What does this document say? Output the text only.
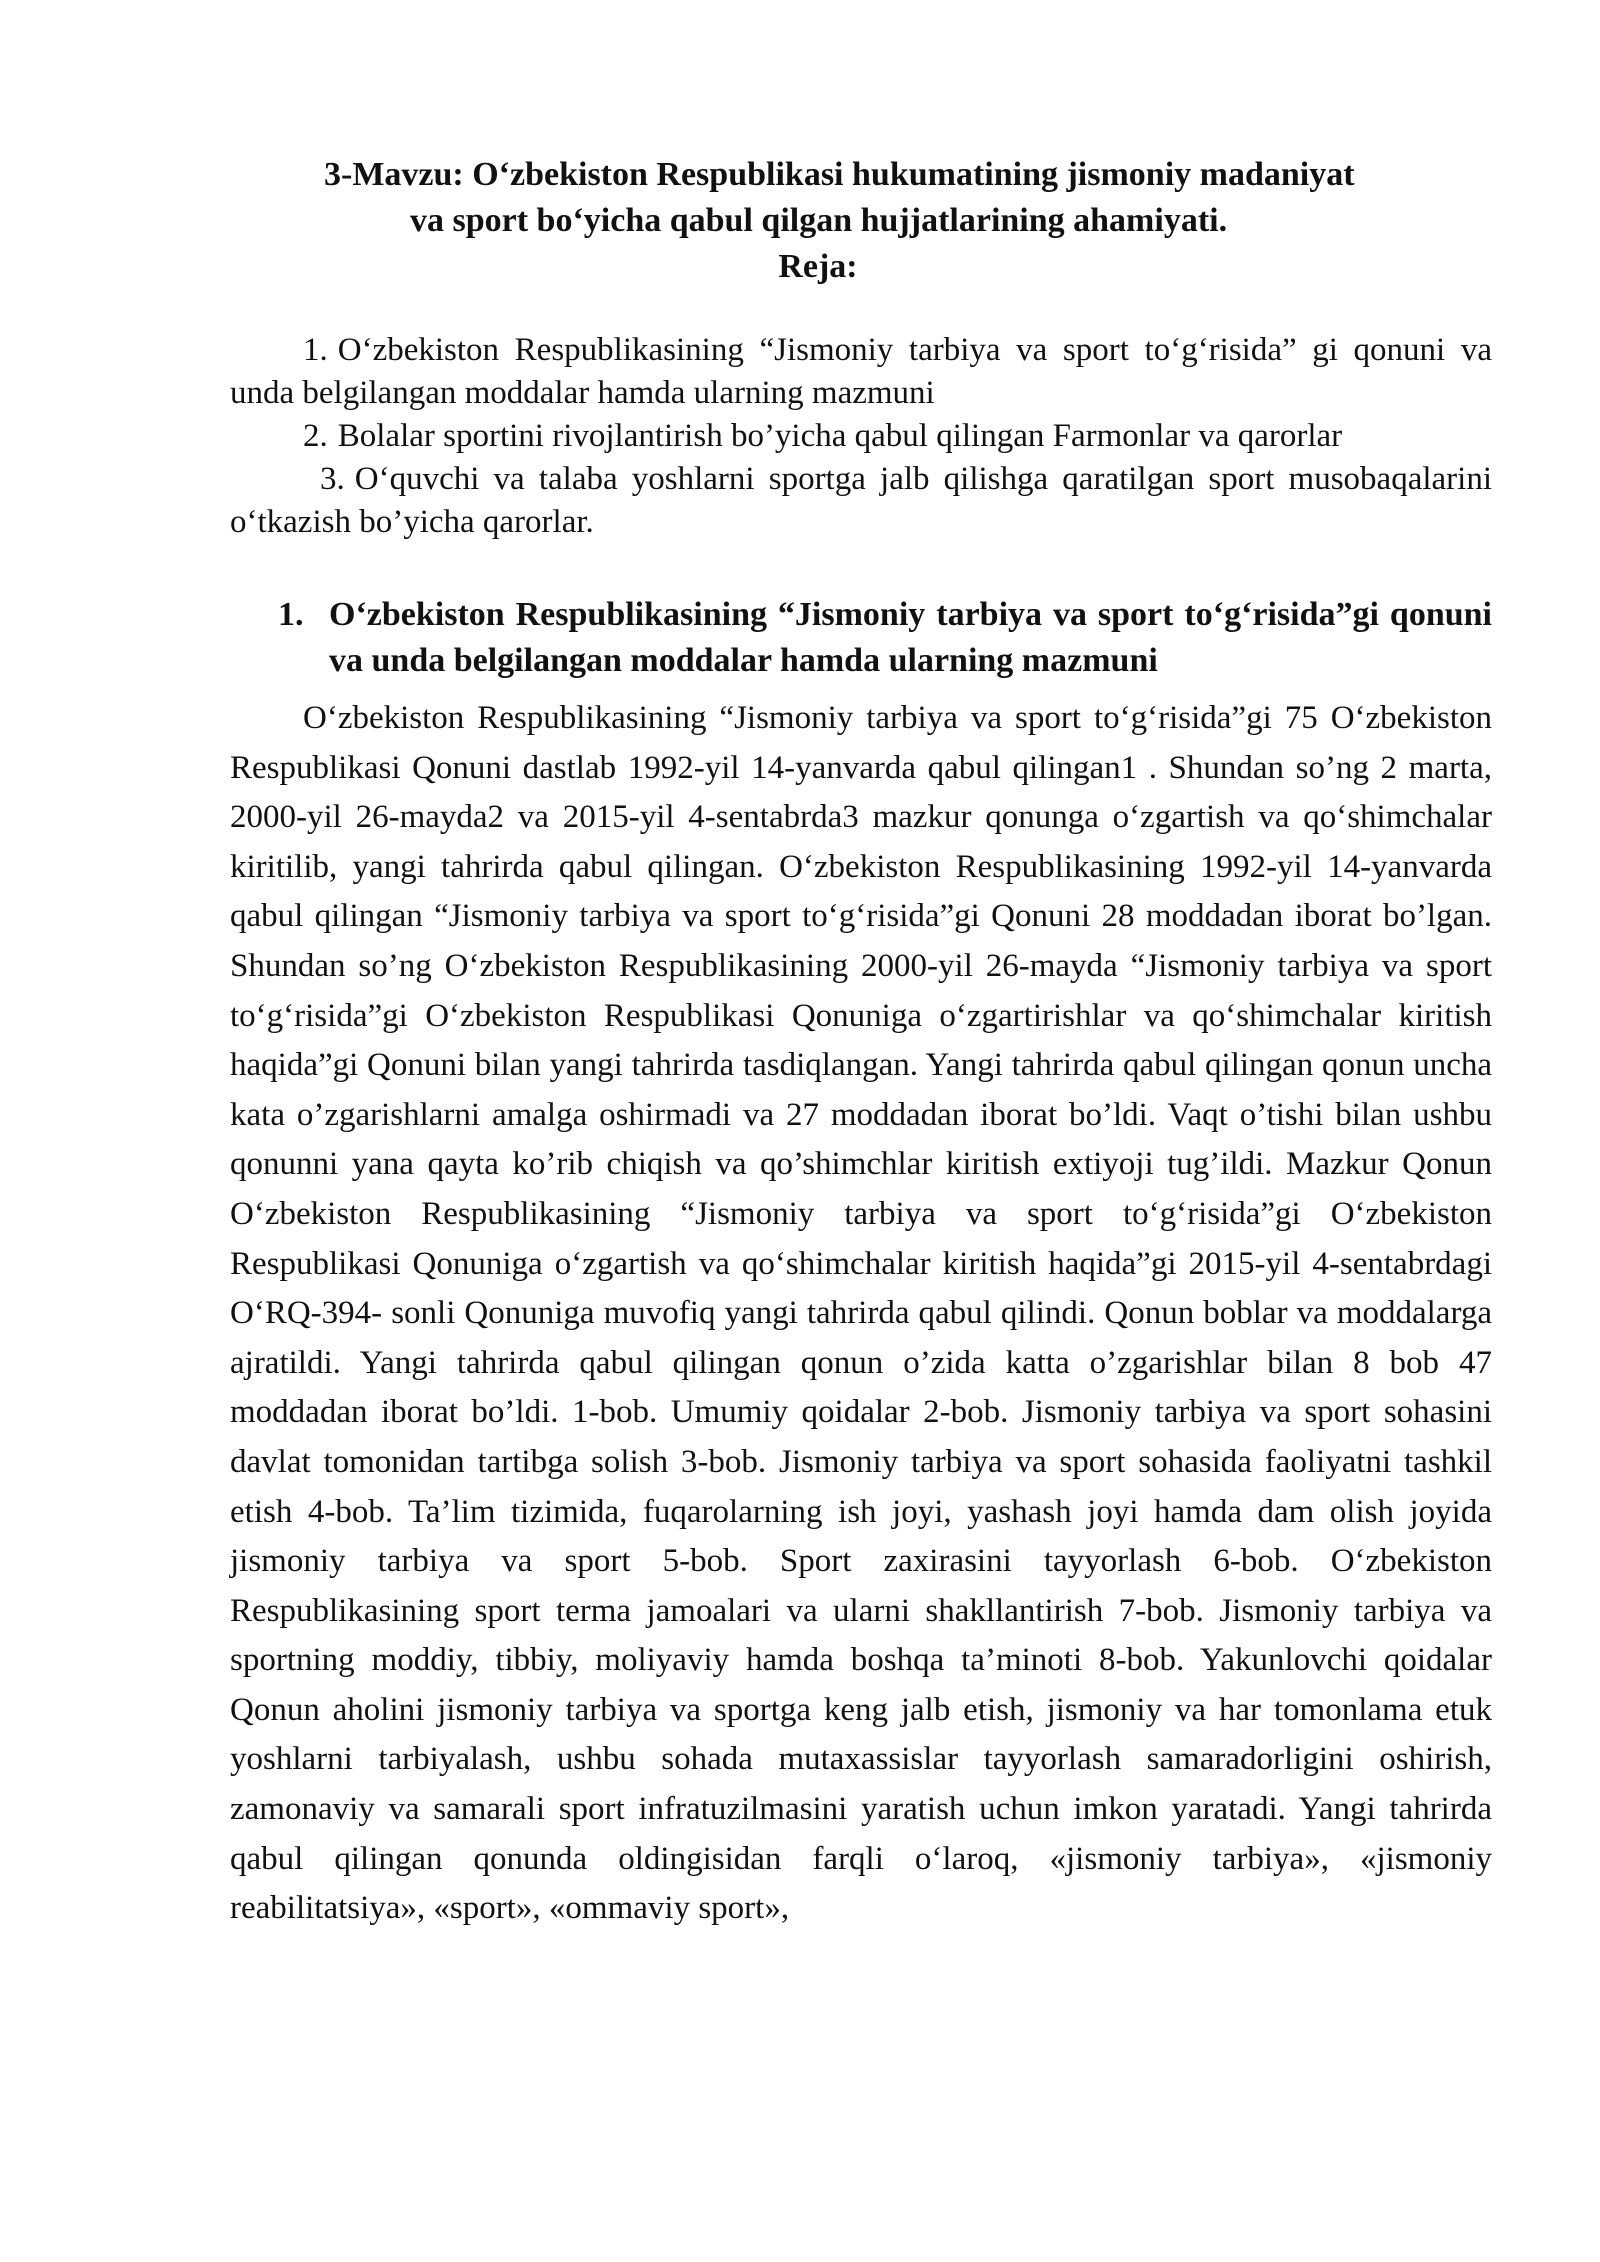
3-Mavzu: O‘zbekiston Respublikasi hukumatining jismoniy madaniyat
va sport bo‘yicha qabul qilgan hujjatlarining ahamiyati.
Reja:
1. O‘zbekiston Respublikasining “Jismoniy tarbiya va sport to‘g‘risida” gi qonuni va unda belgilangan moddalar hamda ularning mazmuni
2. Bolalar sportini rivojlantirish bo’yicha qabul qilingan Farmonlar va qarorlar
3. O‘quvchi va talaba yoshlarni sportga jalb qilishga qaratilgan sport musobaqalarini o‘tkazish bo’yicha qarorlar.
1. O‘zbekiston Respublikasining “Jismoniy tarbiya va sport to‘g‘risida”gi qonuni va unda belgilangan moddalar hamda ularning mazmuni

O‘zbekiston Respublikasining “Jismoniy tarbiya va sport to‘g‘risida”gi 75 O‘zbekiston Respublikasi Qonuni dastlab 1992-yil 14-yanvarda qabul qilingan1 . Shundan so’ng 2 marta, 2000-yil 26-mayda2 va 2015-yil 4-sentabrda3 mazkur qonunga o‘zgartish va qo‘shimchalar kiritilib, yangi tahrirda qabul qilingan. O‘zbekiston Respublikasining 1992-yil 14-yanvarda qabul qilingan “Jismoniy tarbiya va sport to‘g‘risida”gi Qonuni 28 moddadan iborat bo’lgan. Shundan so’ng O‘zbekiston Respublikasining 2000-yil 26-mayda “Jismoniy tarbiya va sport to‘g‘risida”gi O‘zbekiston Respublikasi Qonuniga o‘zgartirishlar va qo‘shimchalar kiritish haqida”gi Qonuni bilan yangi tahrirda tasdiqlangan. Yangi tahrirda qabul qilingan qonun uncha kata o’zgarishlarni amalga oshirmadi va 27 moddadan iborat bo’ldi. Vaqt o’tishi bilan ushbu qonunni yana qayta ko’rib chiqish va qo’shimchlar kiritish extiyoji tug’ildi. Mazkur Qonun O‘zbekiston Respublikasining “Jismoniy tarbiya va sport to‘g‘risida”gi O‘zbekiston Respublikasi Qonuniga o‘zgartish va qo‘shimchalar kiritish haqida”gi 2015-yil 4-sentabrdagi O‘RQ-394- sonli Qonuniga muvofiq yangi tahrirda qabul qilindi. Qonun boblar va moddalarga ajratildi. Yangi tahrirda qabul qilingan qonun o’zida katta o’zgarishlar bilan 8 bob 47 moddadan iborat bo’ldi. 1-bob. Umumiy qoidalar 2-bob. Jismoniy tarbiya va sport sohasini davlat tomonidan tartibga solish 3-bob. Jismoniy tarbiya va sport sohasida faoliyatni tashkil etish 4-bob. Ta’lim tizimida, fuqarolarning ish joyi, yashash joyi hamda dam olish joyida jismoniy tarbiya va sport 5-bob. Sport zaxirasini tayyorlash 6-bob. O‘zbekiston Respublikasining sport terma jamoalari va ularni shakllantirish 7-bob. Jismoniy tarbiya va sportning moddiy, tibbiy, moliyaviy hamda boshqa ta’minoti 8-bob. Yakunlovchi qoidalar Qonun aholini jismoniy tarbiya va sportga keng jalb etish, jismoniy va har tomonlama etuk yoshlarni tarbiyalash, ushbu sohada mutaxassislar tayyorlash samaradorligini oshirish, zamonaviy va samarali sport infratuzilmasini yaratish uchun imkon yaratadi. Yangi tahrirda qabul qilingan qonunda oldingisidan farqli o‘laroq, «jismoniy tarbiya», «jismoniy reabilitatsiya», «sport», «ommaviy sport»,
